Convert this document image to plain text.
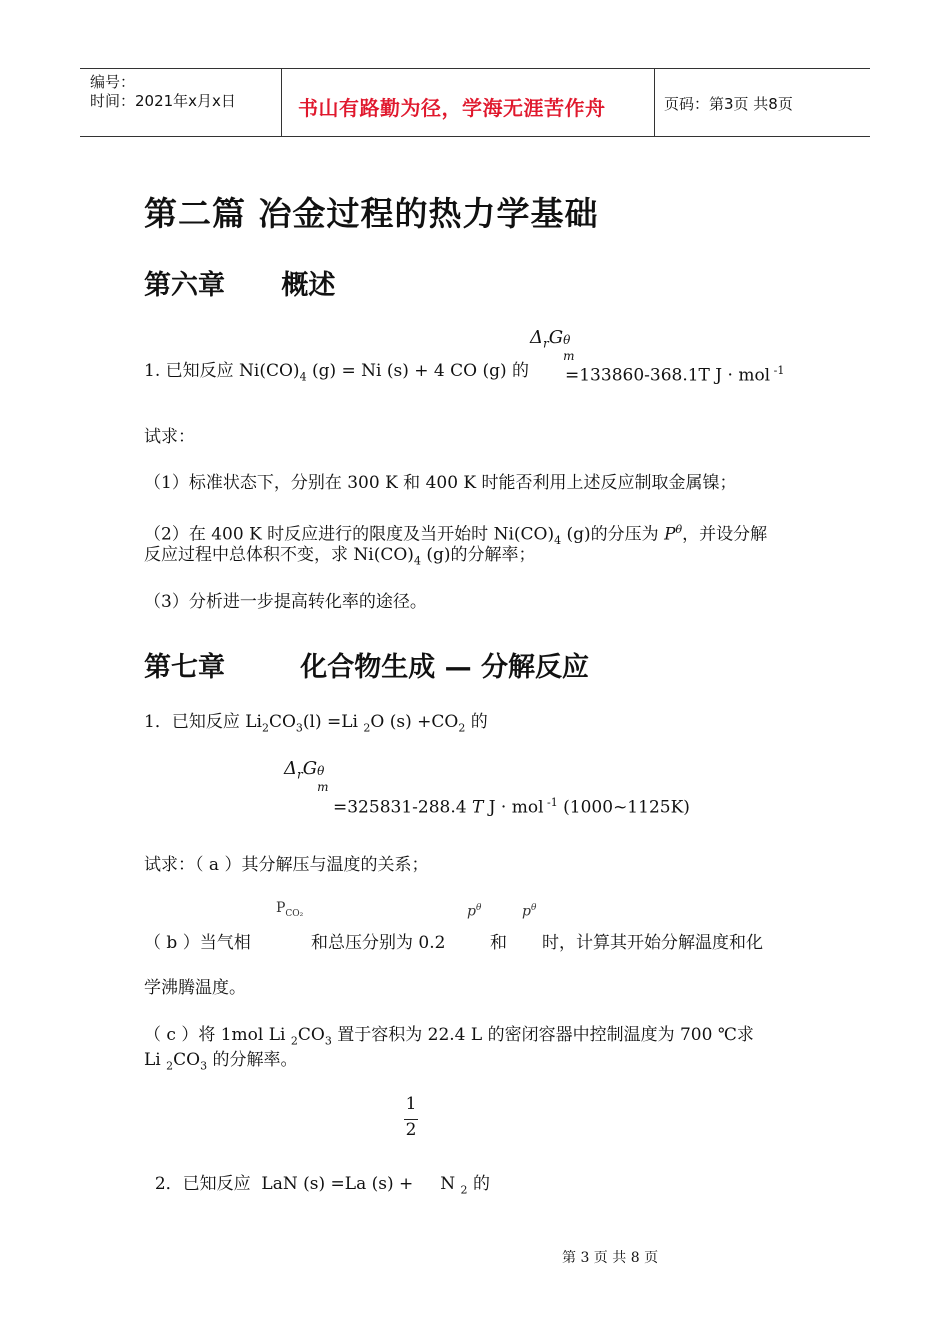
编号：
时间：2021年x月x日	书山有路勤为径，学海无涯苦作舟	页码：第3页 共8页
第二篇 冶金过程的热力学基础
第六章      概述
$\Delta_rG$ θ
m
1. 已知反应 $Ni(CO)_4$ (g) = Ni (s) + 4 CO (g) 的 =133860-368.1T J · mol $^{-1}$
试求：
（1）标准状态下，分别在 300 K 和 400 K 时能否利用上述反应制取金属镍；
（2）在 400 K 时反应进行的限度及当开始时 $Ni(CO)_4$ (g)的分压为 $P^\theta$，并设分解
反应过程中总体积不变，求 $Ni(CO)_4$ (g)的分解率；
（3）分析进一步提高转化率的途径。
第七章        化合物生成 — 分解反应
1．已知反应 $Li_2CO_3(l) =Li$ $_2$O $(s) +CO_2$ 的
$\Delta_rG$ θ
m
=325831-288.4 T J · mol $^{-1}$ (1000~1125K)
试求：（ a ）其分解压与温度的关系；
$P_{CO_2}$	$p^\theta$	$p^\theta$
（ b ）当气相	和总压分别为 0.2	和 时，计算其开始分解温度和化
学沸腾温度。
（ c ）将 1mol Li $_2CO_3$ 置于容积为 22.4 L 的密闭容器中控制温度为 700 ℃求
Li $_2CO_3$ 的分解率。
1
2

2．已知反应  LaN (s) =La (s) +     N $_2$ 的

第 3 页 共 8 页
